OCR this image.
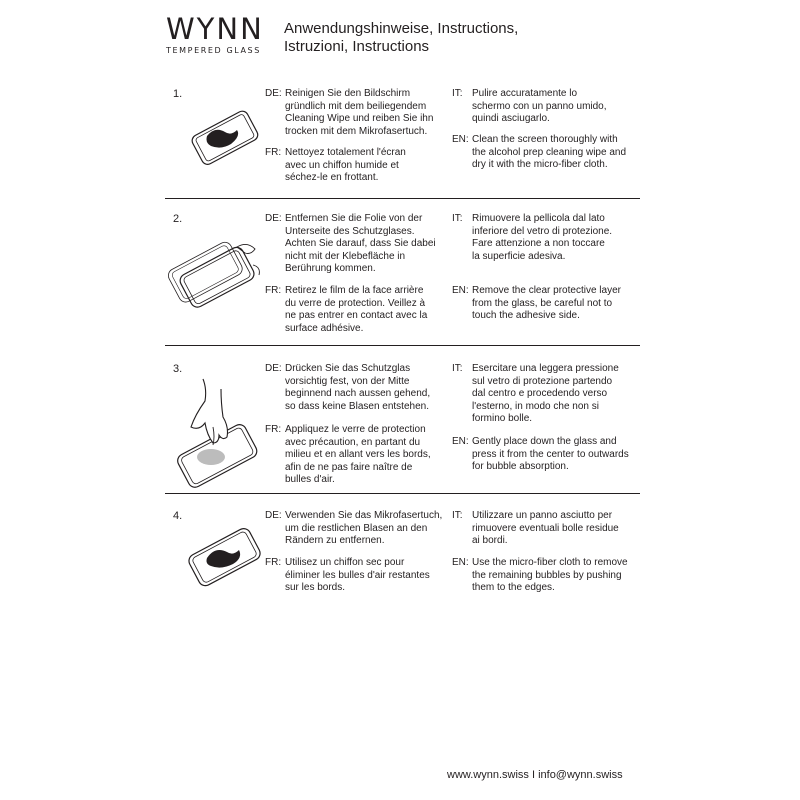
WYNN
TEMPERED GLASS
Anwendungshinweise, Instructions,
Istruzioni, Instructions
1.	DE: Reinigen Sie den Bildschirm
gründlich mit dem beiliegendem
Cleaning Wipe und reiben Sie ihn
trocken mit dem Mikrofasertuch.
FR: Nettoyez totalement l'écran
avec un chiffon humide et
séchez-le en frottant.
IT: Pulire accuratamente lo
schermo con un panno umido,
quindi asciugarlo.
EN: Clean the screen thoroughly with
the alcohol prep cleaning wipe and
dry it with the micro-fiber cloth.
2.	DE: Entfernen Sie die Folie von der
Unterseite des Schutzglases.
Achten Sie darauf, dass Sie dabei
nicht mit der Klebefläche in
Berührung kommen.
FR: Retirez le film de la face arrière
du verre de protection. Veillez à
ne pas entrer en contact avec la
surface adhésive.
IT: Rimuovere la pellicola dal lato
inferiore del vetro di protezione.
Fare attenzione a non toccare
la superficie adesiva.
EN: Remove the clear protective layer
from the glass, be careful not to
touch the adhesive side.
3.	DE: Drücken Sie das Schutzglas
vorsichtig fest, von der Mitte
beginnend nach aussen gehend,
so dass keine Blasen entstehen.
FR: Appliquez le verre de protection
avec précaution, en partant du
milieu et en allant vers les bords,
afin de ne pas faire naître de
bulles d'air.
IT: Esercitare una leggera pressione
sul vetro di protezione partendo
dal centro e procedendo verso
l'esterno, in modo che non si
formino bolle.
EN: Gently place down the glass and
press it from the center to outwards
for bubble absorption.
4.	DE: Verwenden Sie das Mikrofasertuch,
um die restlichen Blasen an den
Rändern zu entfernen.
FR: Utilisez un chiffon sec pour
éliminer les bulles d'air restantes
sur les bords.
IT: Utilizzare un panno asciutto per
rimuovere eventuali bolle residue
ai bordi.
EN: Use the micro-fiber cloth to remove
the remaining bubbles by pushing
them to the edges.
www.wynn.swiss I info@wynn.swiss
